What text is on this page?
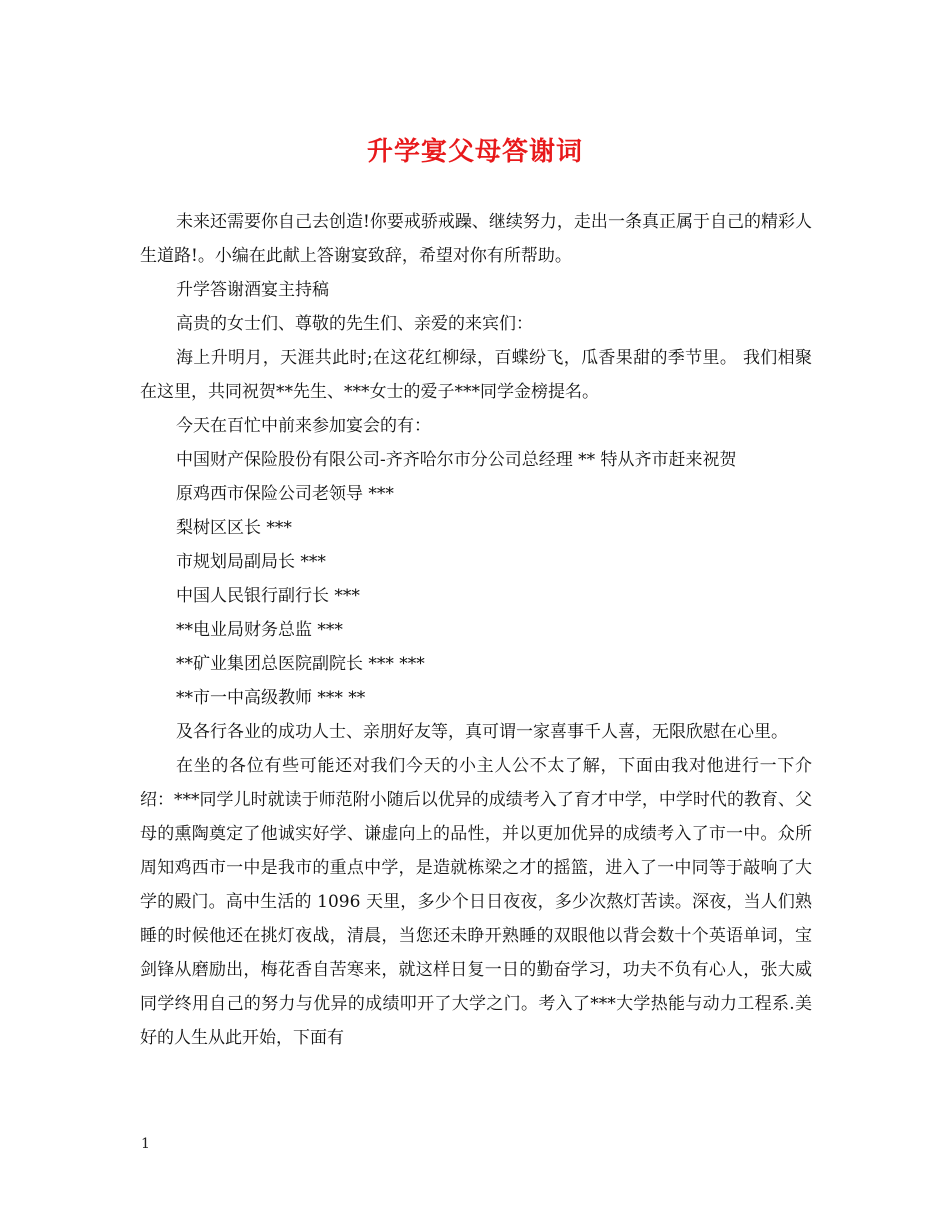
升学宴父母答谢词

未来还需要你自己去创造!你要戒骄戒躁、继续努力，走出一条真正属于自己的精彩人生道路!。小编在此献上答谢宴致辞，希望对你有所帮助。

升学答谢酒宴主持稿

高贵的女士们、尊敬的先生们、亲爱的来宾们：

海上升明月，天涯共此时;在这花红柳绿，百蝶纷飞，瓜香果甜的季节里。 我们相聚在这里，共同祝贺**先生、***女士的爱子***同学金榜提名。

今天在百忙中前来参加宴会的有：

中国财产保险股份有限公司-齐齐哈尔市分公司总经理 ** 特从齐市赶来祝贺

原鸡西市保险公司老领导 ***

梨树区区长 ***

市规划局副局长 ***

中国人民银行副行长 ***

**电业局财务总监 ***

**矿业集团总医院副院长 *** ***

**市一中高级教师 *** **

及各行各业的成功人士、亲朋好友等，真可谓一家喜事千人喜，无限欣慰在心里。

在坐的各位有些可能还对我们今天的小主人公不太了解，下面由我对他进行一下介绍：***同学儿时就读于师范附小随后以优异的成绩考入了育才中学，中学时代的教育、父母的熏陶奠定了他诚实好学、谦虚向上的品性，并以更加优异的成绩考入了市一中。众所周知鸡西市一中是我市的重点中学，是造就栋梁之才的摇篮，进入了一中同等于敲响了大学的殿门。高中生活的 1096 天里，多少个日日夜夜，多少次熬灯苦读。深夜，当人们熟睡的时候他还在挑灯夜战，清晨，当您还未睁开熟睡的双眼他以背会数十个英语单词，宝剑锋从磨励出，梅花香自苦寒来，就这样日复一日的勤奋学习，功夫不负有心人，张大威同学终用自己的努力与优异的成绩叩开了大学之门。考入了***大学热能与动力工程系.美好的人生从此开始，下面有

1
